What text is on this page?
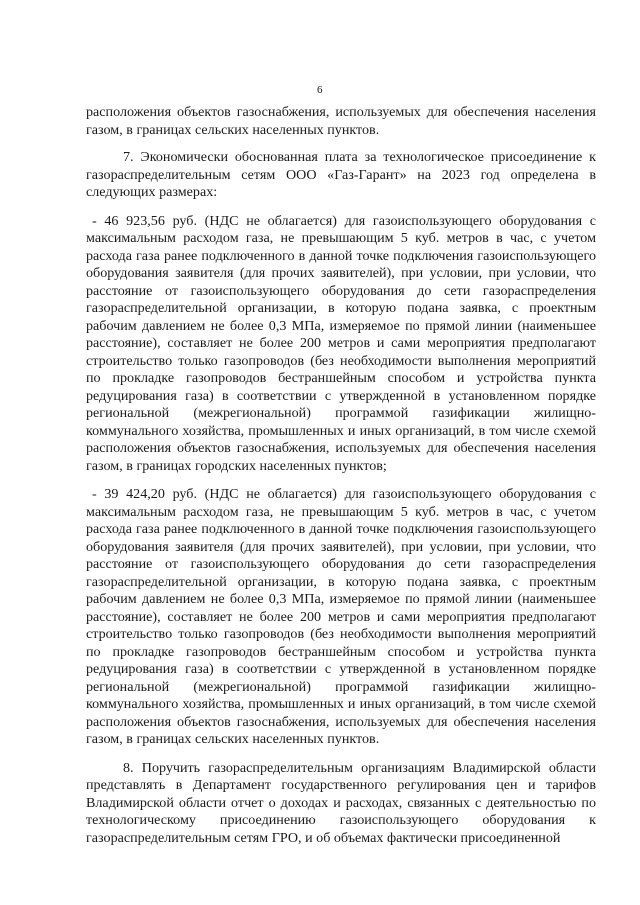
6

расположения объектов газоснабжения, используемых для обеспечения населения газом, в границах сельских населенных пунктов.

7. Экономически обоснованная плата за технологическое присоединение к газораспределительным сетям ООО «Газ-Гарант» на 2023 год определена в следующих размерах:

- 46 923,56 руб. (НДС не облагается) для газоиспользующего оборудования с максимальным расходом газа, не превышающим 5 куб. метров в час, с учетом расхода газа ранее подключенного в данной точке подключения газоиспользующего оборудования заявителя (для прочих заявителей), при условии, при условии, что расстояние от газоиспользующего оборудования до сети газораспределения газораспределительной организации, в которую подана заявка, с проектным рабочим давлением не более 0,3 МПа, измеряемое по прямой линии (наименьшее расстояние), составляет не более 200 метров и сами мероприятия предполагают строительство только газопроводов (без необходимости выполнения мероприятий по прокладке газопроводов бестраншейным способом и устройства пункта редуцирования газа) в соответствии с утвержденной в установленном порядке региональной (межрегиональной) программой газификации жилищно-коммунального хозяйства, промышленных и иных организаций, в том числе схемой расположения объектов газоснабжения, используемых для обеспечения населения газом, в границах городских населенных пунктов;

- 39 424,20 руб. (НДС не облагается) для газоиспользующего оборудования с максимальным расходом газа, не превышающим 5 куб. метров в час, с учетом расхода газа ранее подключенного в данной точке подключения газоиспользующего оборудования заявителя (для прочих заявителей), при условии, при условии, что расстояние от газоиспользующего оборудования до сети газораспределения газораспределительной организации, в которую подана заявка, с проектным рабочим давлением не более 0,3 МПа, измеряемое по прямой линии (наименьшее расстояние), составляет не более 200 метров и сами мероприятия предполагают строительство только газопроводов (без необходимости выполнения мероприятий по прокладке газопроводов бестраншейным способом и устройства пункта редуцирования газа) в соответствии с утвержденной в установленном порядке региональной (межрегиональной) программой газификации жилищно-коммунального хозяйства, промышленных и иных организаций, в том числе схемой расположения объектов газоснабжения, используемых для обеспечения населения газом, в границах сельских населенных пунктов.

8. Поручить газораспределительным организациям Владимирской области представлять в Департамент государственного регулирования цен и тарифов Владимирской области отчет о доходах и расходах, связанных с деятельностью по технологическому присоединению газоиспользующего оборудования к газораспределительным сетям ГРО, и об объемах фактически присоединенной
